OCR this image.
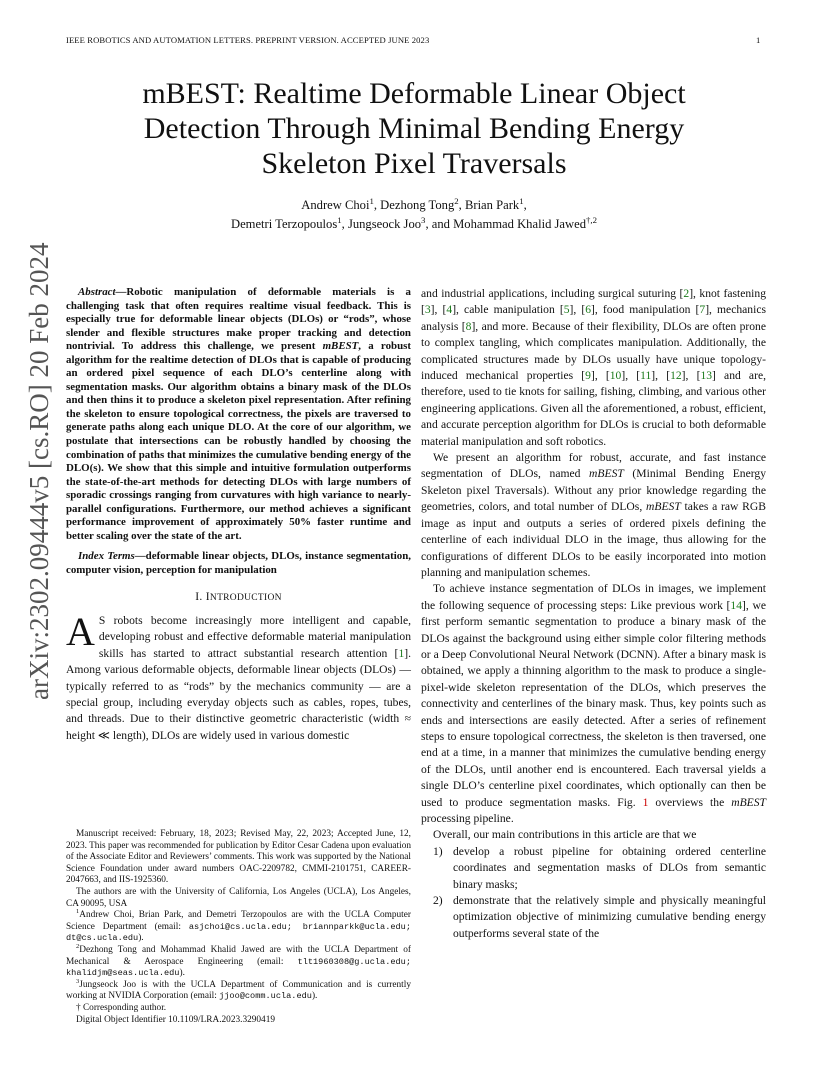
IEEE ROBOTICS AND AUTOMATION LETTERS. PREPRINT VERSION. ACCEPTED JUNE 2023	1
mBEST: Realtime Deformable Linear Object
Detection Through Minimal Bending Energy
Skeleton Pixel Traversals
Andrew Choi$^1$, Dezhong Tong$^2$, Brian Park$^1$,
Demetri Terzopoulos$^1$, Jungseock Joo$^3$, and Mohammad Khalid Jawed$^{\dagger,2}$
arXiv:2302.09444v5 [cs.RO] 20 Feb 2024	Abstract—Robotic manipulation of deformable materials is a challenging task that often requires realtime visual feedback. This is especially true for deformable linear objects (DLOs) or “rods”, whose slender and flexible structures make proper tracking and detection nontrivial. To address this challenge, we present mBEST, a robust algorithm for the realtime detection of DLOs that is capable of producing an ordered pixel sequence of each DLO’s centerline along with segmentation masks. Our algorithm obtains a binary mask of the DLOs and then thins it to produce a skeleton pixel representation. After refining the skeleton to ensure topological correctness, the pixels are traversed to generate paths along each unique DLO. At the core of our algorithm, we postulate that intersections can be robustly handled by choosing the combination of paths that minimizes the cumulative bending energy of the DLO(s). We show that this simple and intuitive formulation outperforms the state-of-the-art methods for detecting DLOs with large numbers of sporadic crossings ranging from curvatures with high variance to nearly-parallel configurations. Furthermore, our method achieves a significant performance improvement of approximately 50% faster runtime and better scaling over the state of the art.

Index Terms—deformable linear objects, DLOs, instance segmentation, computer vision, perception for manipulation

I. INTRODUCTION

A S robots become increasingly more intelligent and capable, developing robust and effective deformable material manipulation skills has started to attract substantial research attention [1]. Among various deformable objects, deformable linear objects (DLOs) — typically referred to as “rods” by the mechanics community — are a special group, including everyday objects such as cables, ropes, tubes, and threads. Due to their distinctive geometric characteristic (width ≈ height ≪ length), DLOs are widely used in various domestic

Manuscript received: February, 18, 2023; Revised May, 22, 2023; Accepted June, 12, 2023. This paper was recommended for publication by Editor Cesar Cadena upon evaluation of the Associate Editor and Reviewers’ comments. This work was supported by the National Science Foundation under award numbers OAC-2209782, CMMI-2101751, CAREER-2047663, and IIS-1925360.

The authors are with the University of California, Los Angeles (UCLA), Los Angeles, CA 90095, USA

$^1$Andrew Choi, Brian Park, and Demetri Terzopoulos are with the UCLA Computer Science Department (email: asjchoi@cs.ucla.edu; briannparkk@ucla.edu; dt@cs.ucla.edu).

$^2$Dezhong Tong and Mohammad Khalid Jawed are with the UCLA Department of Mechanical & Aerospace Engineering (email: tlt1960308@g.ucla.edu; khalidjm@seas.ucla.edu).

$^3$Jungseock Joo is with the UCLA Department of Communication and is currently working at NVIDIA Corporation (email: jjoo@comm.ucla.edu).

† Corresponding author.

Digital Object Identifier 10.1109/LRA.2023.3290419

and industrial applications, including surgical suturing [2], knot fastening [3], [4], cable manipulation [5], [6], food manipulation [7], mechanics analysis [8], and more. Because of their flexibility, DLOs are often prone to complex tangling, which complicates manipulation. Additionally, the complicated structures made by DLOs usually have unique topology-induced mechanical properties [9], [10], [11], [12], [13] and are, therefore, used to tie knots for sailing, fishing, climbing, and various other engineering applications. Given all the aforementioned, a robust, efficient, and accurate perception algorithm for DLOs is crucial to both deformable material manipulation and soft robotics.

We present an algorithm for robust, accurate, and fast instance segmentation of DLOs, named mBEST (Minimal Bending Energy Skeleton pixel Traversals). Without any prior knowledge regarding the geometries, colors, and total number of DLOs, mBEST takes a raw RGB image as input and outputs a series of ordered pixels defining the centerline of each individual DLO in the image, thus allowing for the configurations of different DLOs to be easily incorporated into motion planning and manipulation schemes.

To achieve instance segmentation of DLOs in images, we implement the following sequence of processing steps: Like previous work [14], we first perform semantic segmentation to produce a binary mask of the DLOs against the background using either simple color filtering methods or a Deep Convolutional Neural Network (DCNN). After a binary mask is obtained, we apply a thinning algorithm to the mask to produce a single-pixel-wide skeleton representation of the DLOs, which preserves the connectivity and centerlines of the binary mask. Thus, key points such as ends and intersections are easily detected. After a series of refinement steps to ensure topological correctness, the skeleton is then traversed, one end at a time, in a manner that minimizes the cumulative bending energy of the DLOs, until another end is encountered. Each traversal yields a single DLO’s centerline pixel coordinates, which optionally can then be used to produce segmentation masks. Fig. 1 overviews the mBEST processing pipeline.

Overall, our main contributions in this article are that we

1) develop a robust pipeline for obtaining ordered centerline coordinates and segmentation masks of DLOs from semantic binary masks;
2) demonstrate that the relatively simple and physically meaningful optimization objective of minimizing cumulative bending energy outperforms several state of the
